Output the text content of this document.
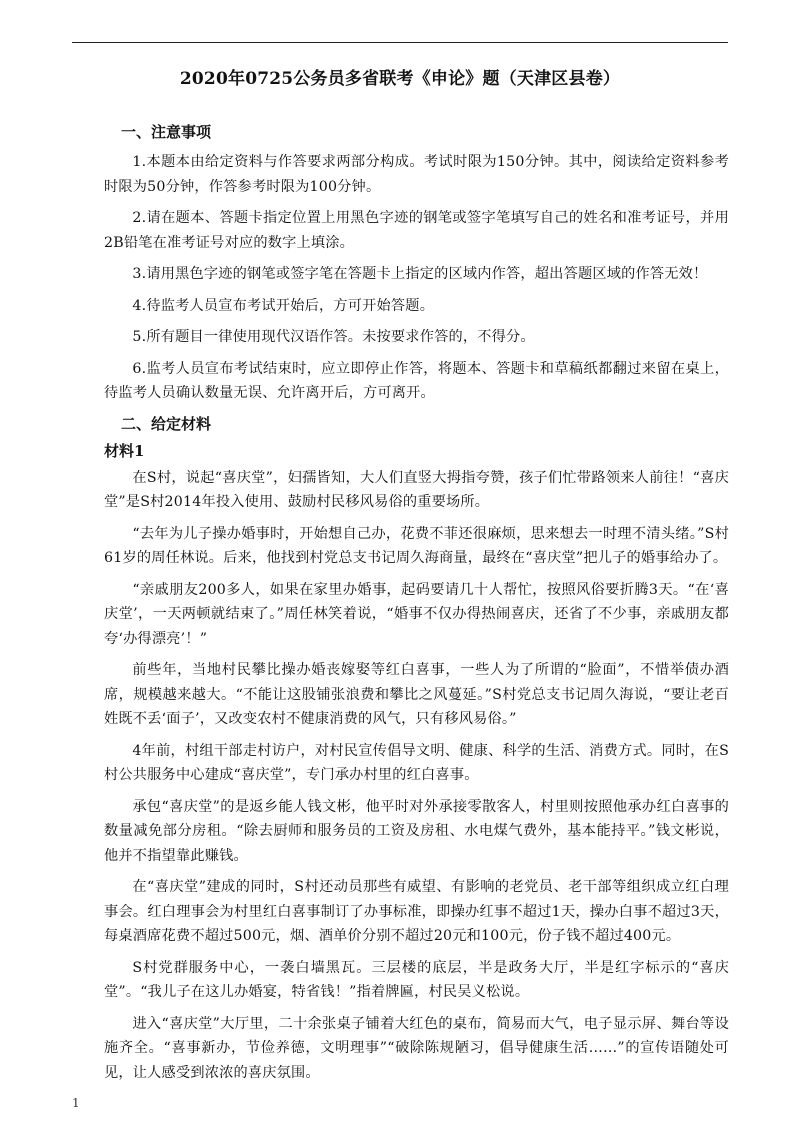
2020年0725公务员多省联考《申论》题（天津区县卷）
一、注意事项

1.本题本由给定资料与作答要求两部分构成。考试时限为150分钟。其中，阅读给定资料参考时限为50分钟，作答参考时限为100分钟。

2.请在题本、答题卡指定位置上用黑色字迹的钢笔或签字笔填写自己的姓名和准考证号，并用2B铅笔在准考证号对应的数字上填涂。

3.请用黑色字迹的钢笔或签字笔在答题卡上指定的区域内作答，超出答题区域的作答无效！

4.待监考人员宣布考试开始后，方可开始答题。

5.所有题目一律使用现代汉语作答。未按要求作答的，不得分。

6.监考人员宣布考试结束时，应立即停止作答，将题本、答题卡和草稿纸都翻过来留在桌上，待监考人员确认数量无误、允许离开后，方可离开。

二、给定材料
材料1

在S村，说起“喜庆堂”，妇孺皆知，大人们直竖大拇指夸赞，孩子们忙带路领来人前往！“喜庆堂”是S村2014年投入使用、鼓励村民移风易俗的重要场所。

“去年为儿子操办婚事时，开始想自己办，花费不菲还很麻烦，思来想去一时理不清头绪。”S村61岁的周任林说。后来，他找到村党总支书记周久海商量，最终在“喜庆堂”把儿子的婚事给办了。

“亲戚朋友200多人，如果在家里办婚事，起码要请几十人帮忙，按照风俗要折腾3天。“在‘喜庆堂’，一天两顿就结束了。”周任林笑着说，“婚事不仅办得热闹喜庆，还省了不少事，亲戚朋友都夸‘办得漂亮’！”

前些年，当地村民攀比操办婚丧嫁娶等红白喜事，一些人为了所谓的“脸面”，不惜举债办酒席，规模越来越大。“不能让这股铺张浪费和攀比之风蔓延。”S村党总支书记周久海说，“要让老百姓既不丢‘面子’，又改变农村不健康消费的风气，只有移风易俗。”

4年前，村组干部走村访户，对村民宣传倡导文明、健康、科学的生活、消费方式。同时，在S村公共服务中心建成“喜庆堂”，专门承办村里的红白喜事。

承包“喜庆堂”的是返乡能人钱文彬，他平时对外承接零散客人，村里则按照他承办红白喜事的数量减免部分房租。“除去厨师和服务员的工资及房租、水电煤气费外，基本能持平。”钱文彬说，他并不指望靠此赚钱。

在“喜庆堂”建成的同时，S村还动员那些有威望、有影响的老党员、老干部等组织成立红白理事会。红白理事会为村里红白喜事制订了办事标准，即操办红事不超过1天，操办白事不超过3天，每桌酒席花费不超过500元，烟、酒单价分别不超过20元和100元，份子钱不超过400元。

S村党群服务中心，一袭白墙黑瓦。三层楼的底层，半是政务大厅，半是红字标示的“喜庆堂”。“我儿子在这儿办婚宴，特省钱！”指着牌匾，村民吴义松说。

进入“喜庆堂”大厅里，二十余张桌子铺着大红色的桌布，简易而大气，电子显示屏、舞台等设施齐全。“喜事新办，节俭养德，文明理事”“破除陈规陋习，倡导健康生活……”的宣传语随处可见，让人感受到浓浓的喜庆氛围。

1
